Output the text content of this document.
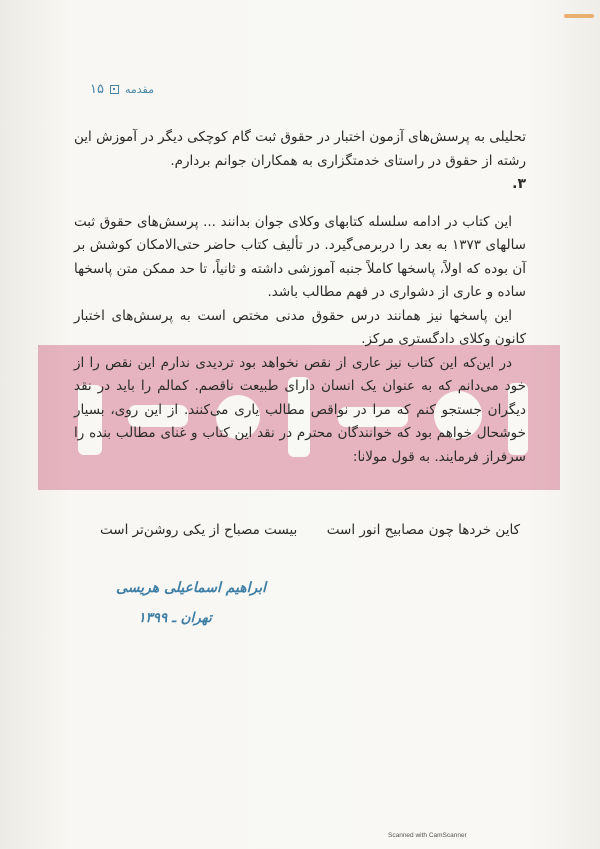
۱۵ مقدمه

تحلیلی به پرسش‌های آزمون اختبار در حقوق ثبت گام کوچکی دیگر در آموزش این رشته از حقوق در راستای خدمتگزاری به همکاران جوانم بردارم.

۳.

این کتاب در ادامه سلسله کتابهای وکلای جوان بدانند ... پرسش‌های حقوق ثبت سالهای ۱۳۷۳ به بعد را دربرمی‌گیرد. در تألیف کتاب حاضر حتی‌الامکان کوشش بر آن بوده که اولاً، پاسخها کاملاً جنبه آموزشی داشته و ثانیاً، تا حد ممکن متن پاسخها ساده و عاری از دشواری در فهم مطالب باشد.

این پاسخها نیز همانند درس حقوق مدنی مختص است به پرسش‌های اختبار کانون وکلای دادگستری مرکز.

در این‌که این کتاب نیز عاری از نقص نخواهد بود تردیدی ندارم این نقص را از خود می‌دانم که به عنوان یک انسان دارای طبیعت ناقصم. کمالم را باید در نقد دیگران جستجو کنم که مرا در نواقص مطالب یاری می‌کنند. از این روی، بسیار خوشحال خواهم بود که خوانندگان محترم در نقد این کتاب و غنای مطالب بنده را سرفراز فرمایند. به قول مولانا:

کاین خردها چون مصابیح انور است
بیست مصباح از یکی روشن‌تر است
ابراهیم اسماعیلی هریسی
تهران ـ ۱۳۹۹
Scanned with CamScanner
